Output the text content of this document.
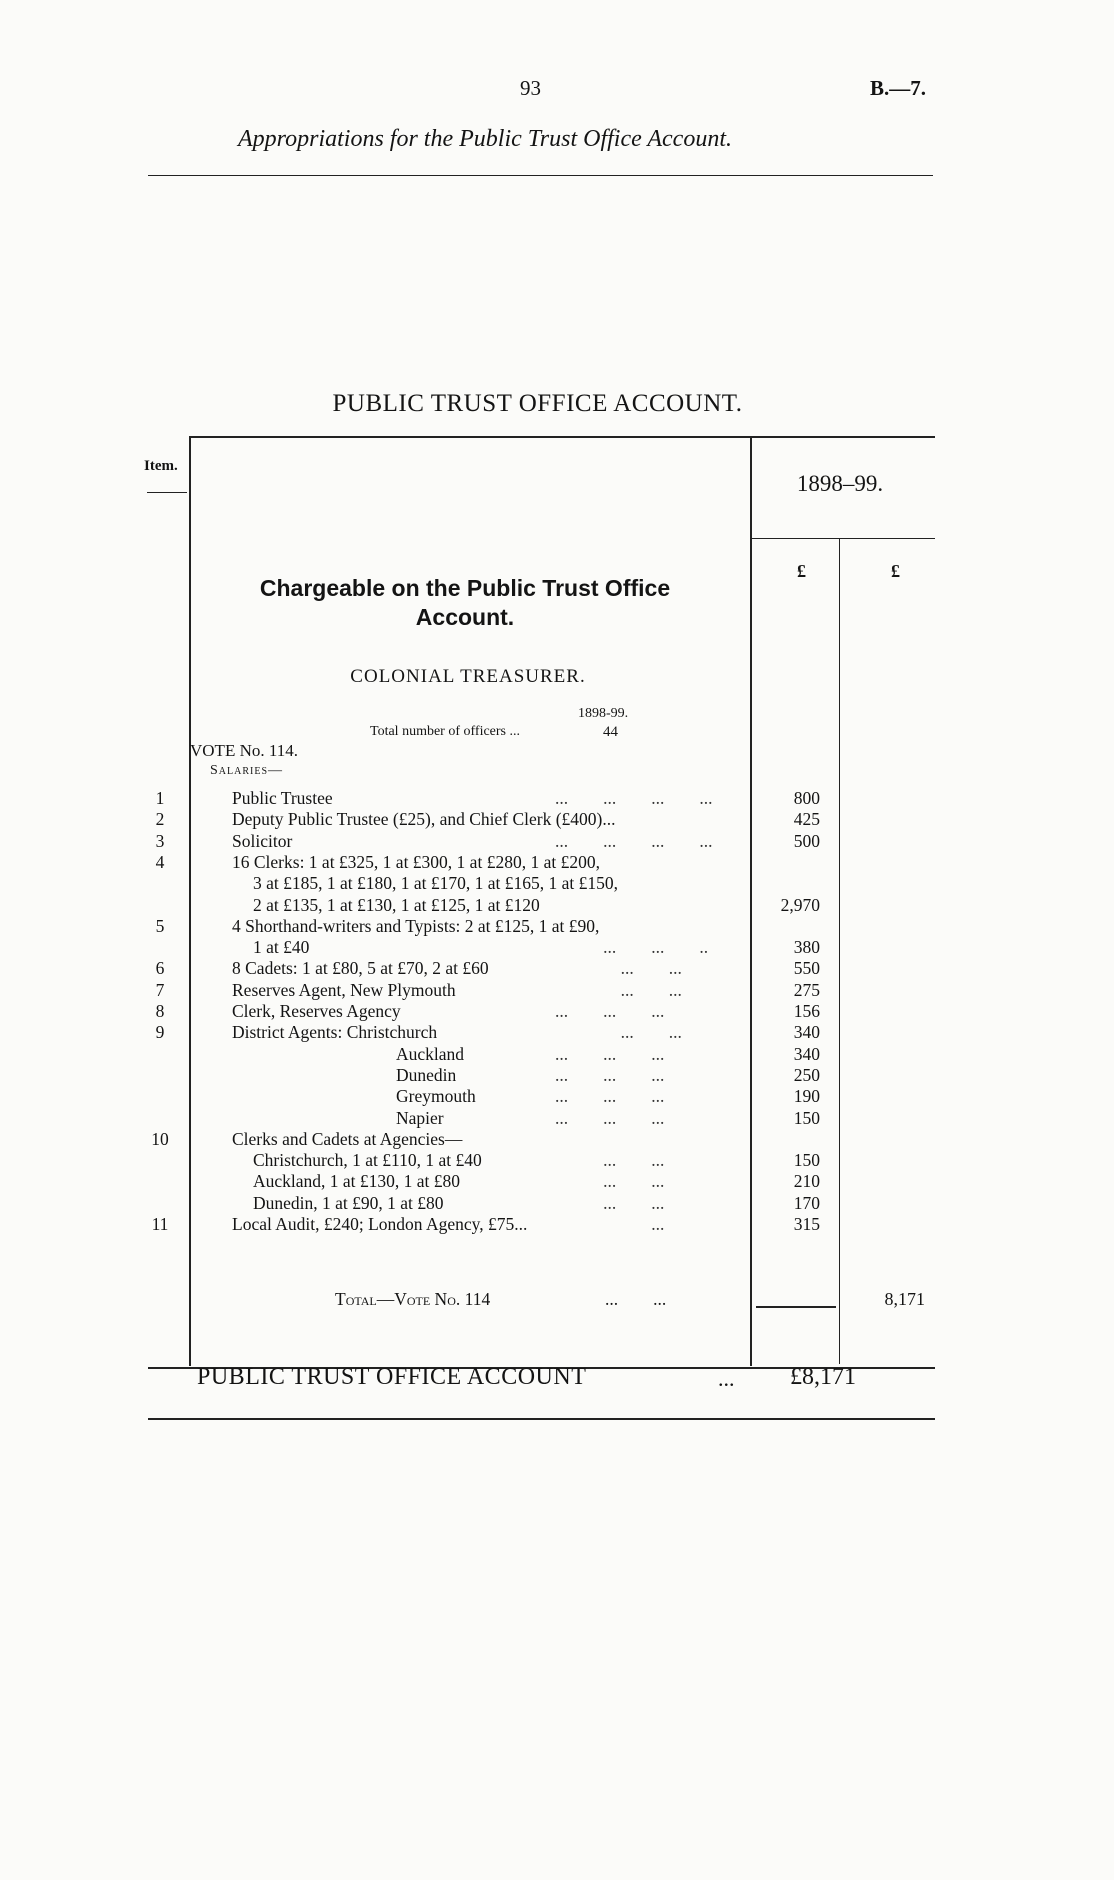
93	B.—7.
Appropriations for the Public Trust Office Account.
PUBLIC TRUST OFFICE ACCOUNT.
Item.
1898–99.
£	£
Chargeable on the Public Trust Office
Account.
COLONIAL TREASURER.
1898-99.
Total number of officers ...	44
VOTE No. 114.
Salaries—
1	Public Trustee	...        ...        ...        ...	800
2	Deputy Public Trustee (£25), and Chief Clerk (£400)...	425
3	Solicitor	...        ...        ...        ...	500
4	16 Clerks: 1 at £325, 1 at £300, 1 at £280, 1 at £200,
3 at £185, 1 at £180, 1 at £170, 1 at £165, 1 at £150,
2 at £135, 1 at £130, 1 at £125, 1 at £120	2,970
5	4 Shorthand-writers and Typists: 2 at £125, 1 at £90,
1 at £40	...        ...        ..	380
6	8 Cadets: 1 at £80, 5 at £70, 2 at £60	...        ...	550
7	Reserves Agent, New Plymouth	...        ...	275
8	Clerk, Reserves Agency	...        ...        ...	156
9	District Agents: Christchurch	...        ...	340
Auckland	...        ...        ...	340
Dunedin	...        ...        ...	250
Greymouth	...        ...        ...	190
Napier	...        ...        ...	150
10	Clerks and Cadets at Agencies—
Christchurch, 1 at £110, 1 at £40	...        ...	150
Auckland, 1 at £130, 1 at £80	...        ...	210
Dunedin, 1 at £90, 1 at £80	...        ...	170
11	Local Audit, £240; London Agency, £75... ...	315
Total—Vote No. 114	...        ...	8,171
PUBLIC TRUST OFFICE ACCOUNT	... £8,171
